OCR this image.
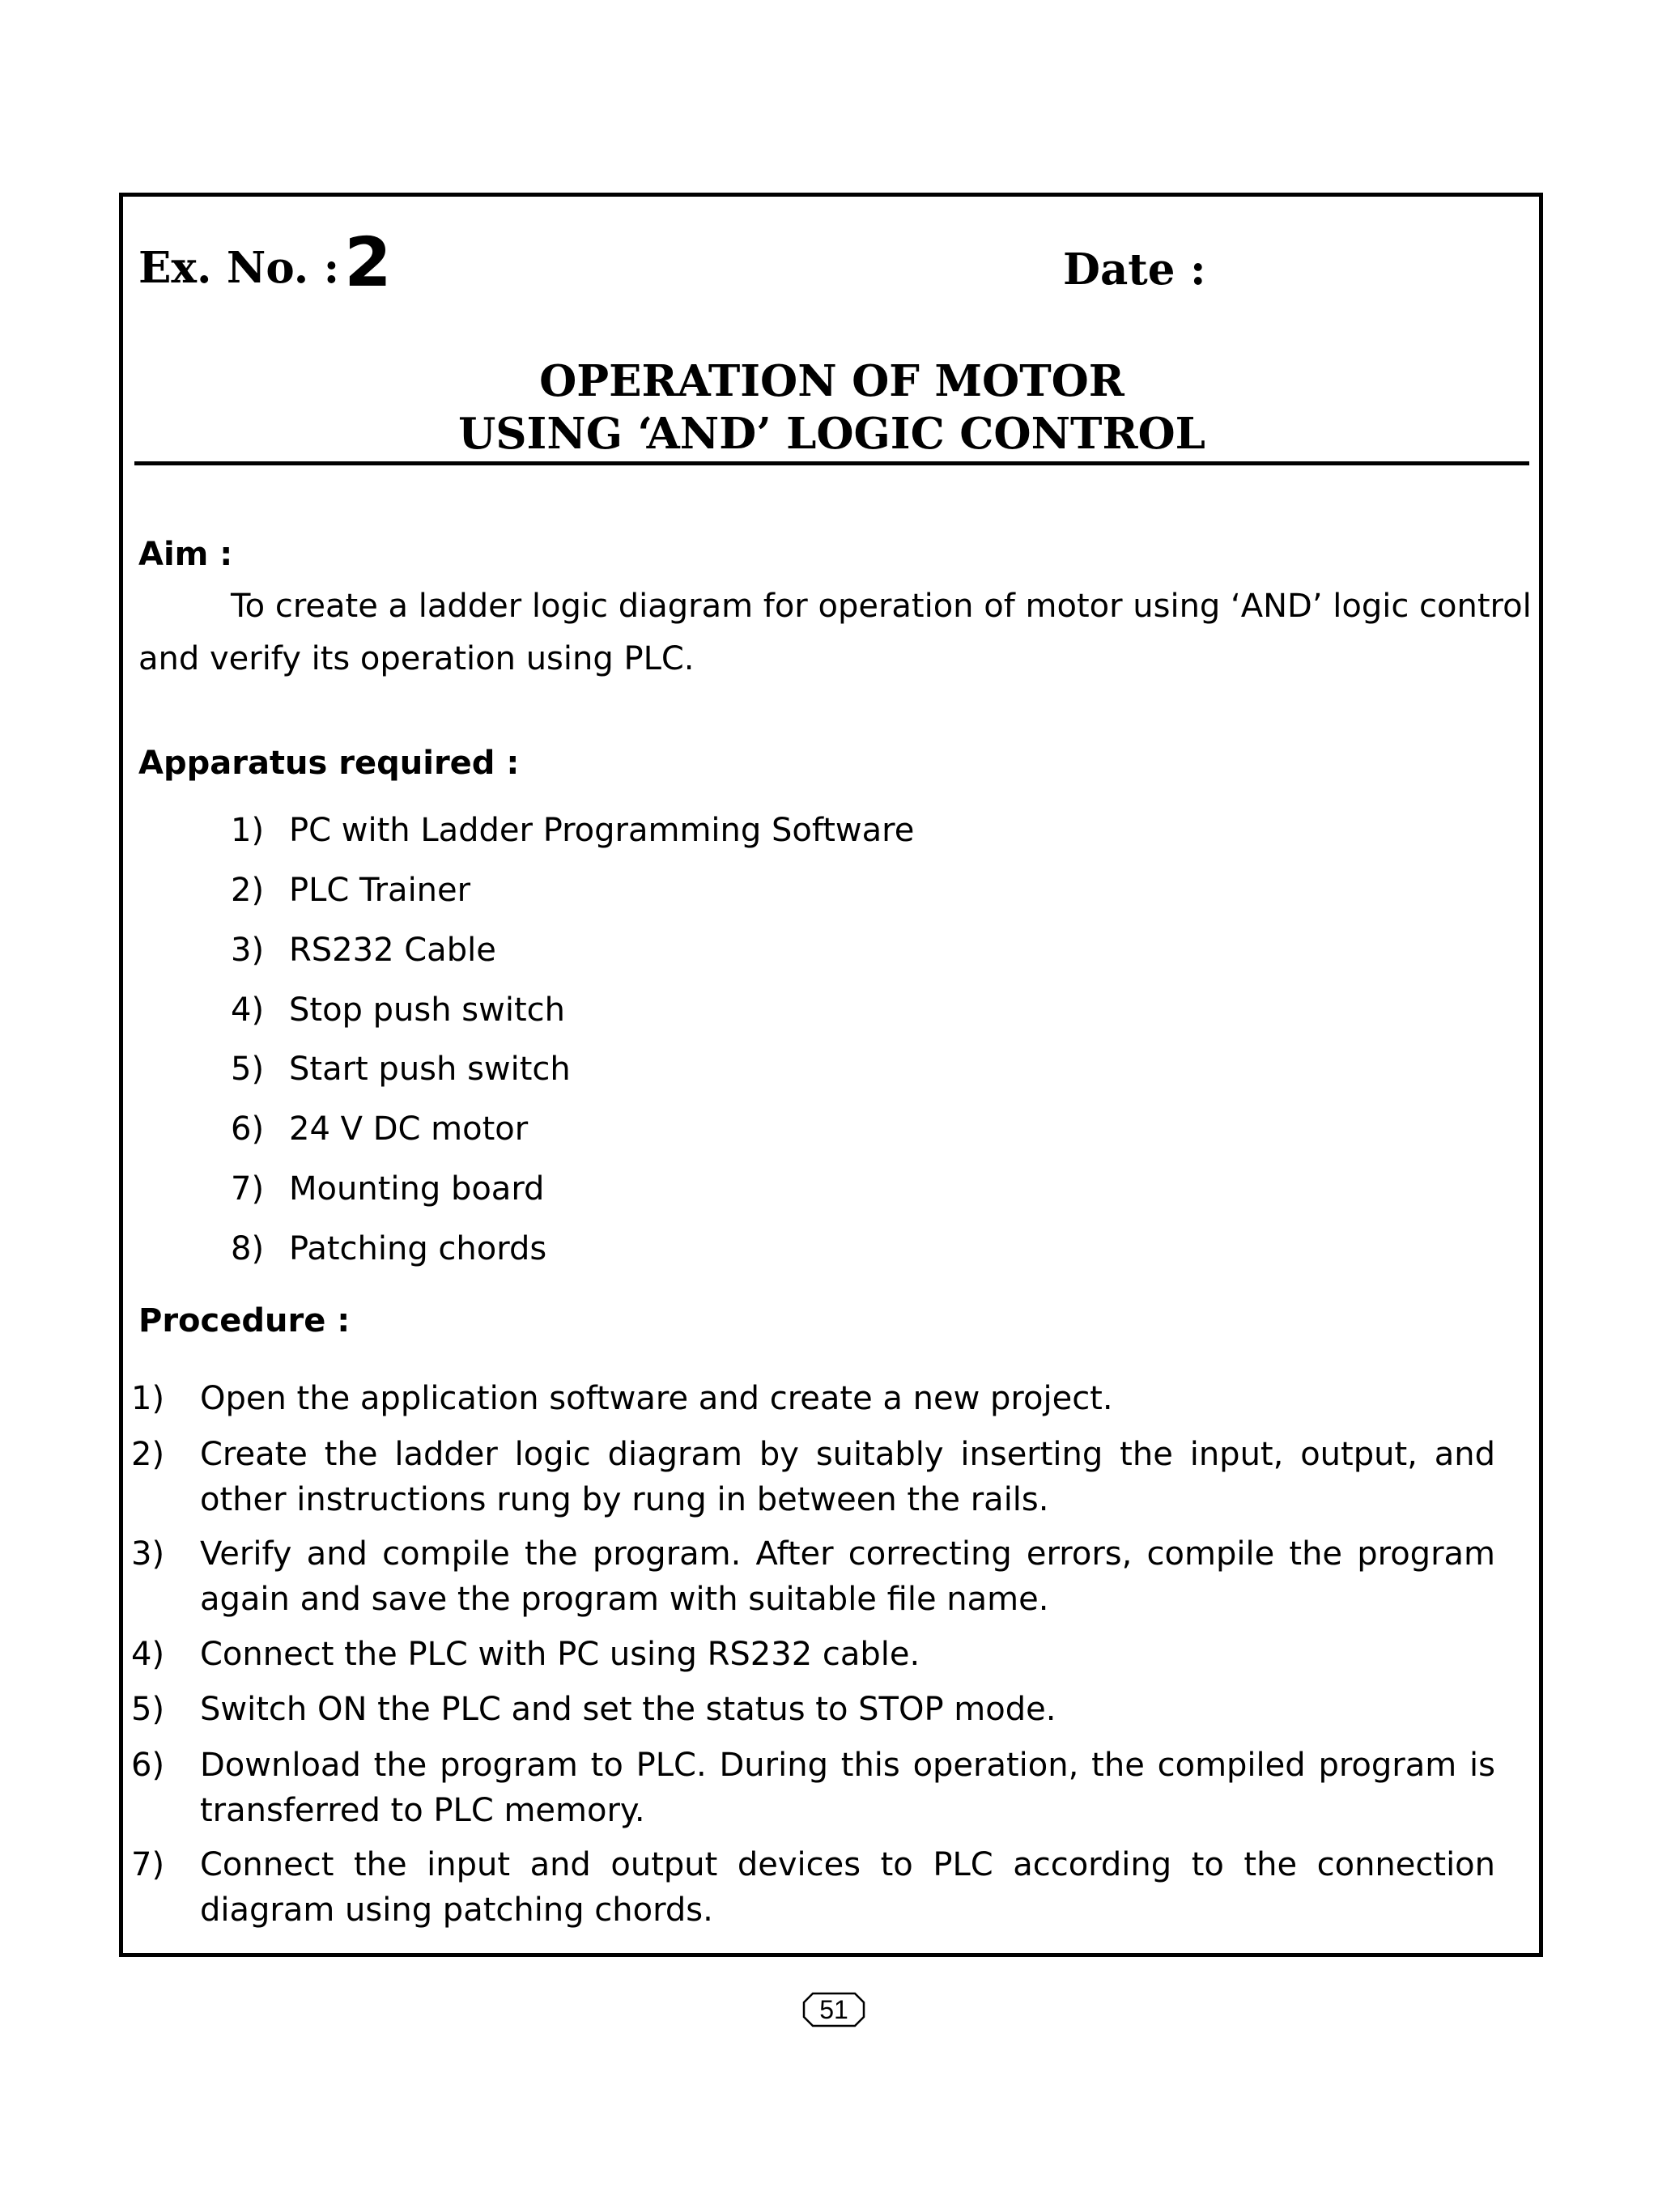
Ex. No. :2	Date :
OPERATION OF MOTOR
USING ‘AND’ LOGIC CONTROL
Aim :
To create a ladder logic diagram for operation of motor using ‘AND’ logic control
and verify its operation using PLC.
Apparatus required :
1) PC with Ladder Programming Software
2) PLC Trainer
3) RS232 Cable
4) Stop push switch
5) Start push switch
6) 24 V DC motor
7) Mounting board
8) Patching chords
Procedure :
1) Open the application software and create a new project.
2) Create the ladder logic diagram by suitably inserting the input, output, and
other instructions rung by rung in between the rails.
3) Verify and compile the program. After correcting errors, compile the program
again and save the program with suitable file name.
4) Connect the PLC with PC using RS232 cable.
5) Switch ON the PLC and set the status to STOP mode.
6) Download the program to PLC. During this operation, the compiled program is
transferred to PLC memory.
7) Connect the input and output devices to PLC according to the connection
diagram using patching chords.
51
